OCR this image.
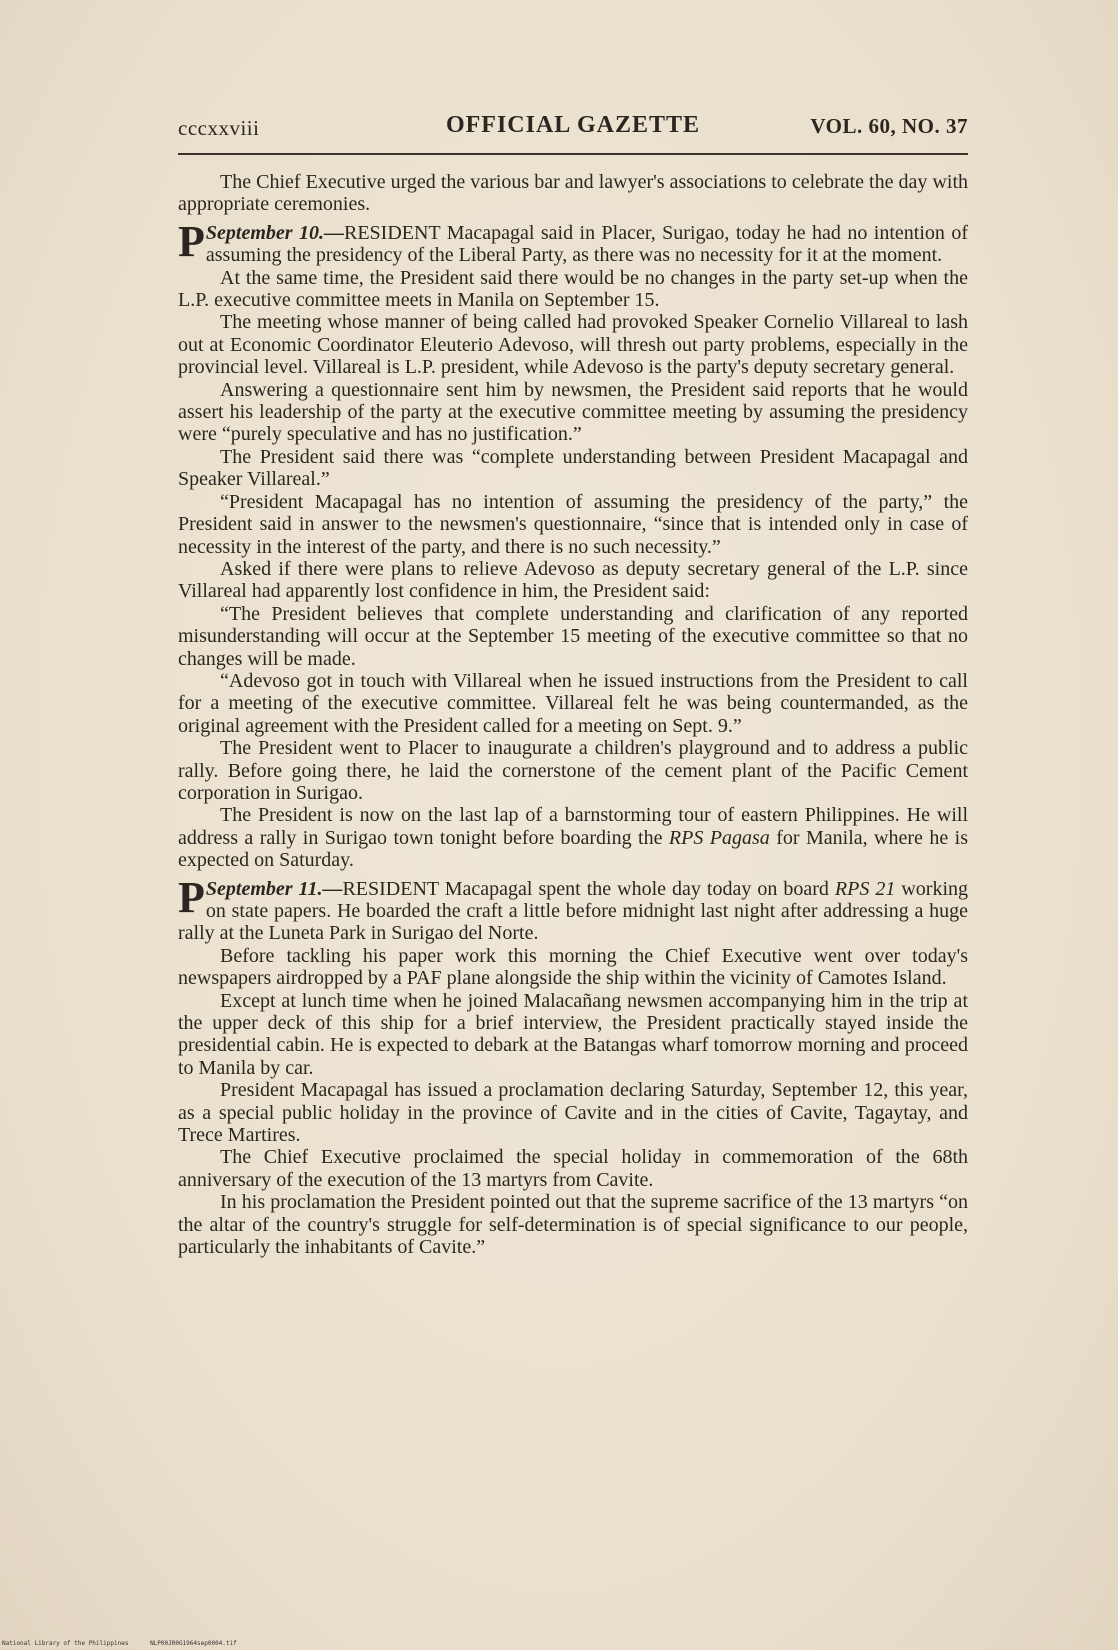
cccxxviii	OFFICIAL GAZETTE	VOL. 60, NO. 37

The Chief Executive urged the various bar and lawyer's associations to celebrate the day with appropriate ceremonies.

September 10.—
P	RESIDENT Macapagal said in Placer, Surigao, today he had no intention of assuming the presidency of the Liberal Party, as there was no necessity for it at the moment.

At the same time, the President said there would be no changes in the party set-up when the L.P. executive committee meets in Manila on September 15.

The meeting whose manner of being called had provoked Speaker Cornelio Villareal to lash out at Economic Coordinator Eleuterio Adevoso, will thresh out party problems, especially in the provincial level. Villareal is L.P. president, while Adevoso is the party's deputy secretary general.

Answering a questionnaire sent him by newsmen, the President said reports that he would assert his leadership of the party at the executive committee meeting by assuming the presidency were “purely speculative and has no justification.”

The President said there was “complete understanding between President Macapagal and Speaker Villareal.”

“President Macapagal has no intention of assuming the presidency of the party,” the President said in answer to the newsmen's questionnaire, “since that is intended only in case of necessity in the interest of the party, and there is no such necessity.”

Asked if there were plans to relieve Adevoso as deputy secretary general of the L.P. since Villareal had apparently lost confidence in him, the President said:

“The President believes that complete understanding and clarification of any reported misunderstanding will occur at the September 15 meeting of the executive committee so that no changes will be made.

“Adevoso got in touch with Villareal when he issued instructions from the President to call for a meeting of the executive committee. Villareal felt he was being countermanded, as the original agreement with the President called for a meeting on Sept. 9.”

The President went to Placer to inaugurate a children's playground and to address a public rally. Before going there, he laid the cornerstone of the cement plant of the Pacific Cement corporation in Surigao.

The President is now on the last lap of a barnstorming tour of eastern Philippines. He will address a rally in Surigao town tonight before boarding the RPS Pagasa for Manila, where he is expected on Saturday.

September 11.—
P	RESIDENT Macapagal spent the whole day today on board RPS 21 working on state papers. He boarded the craft a little before midnight last night after addressing a huge rally at the Luneta Park in Surigao del Norte.

Before tackling his paper work this morning the Chief Executive went over today's newspapers airdropped by a PAF plane alongside the ship within the vicinity of Camotes Island.

Except at lunch time when he joined Malacañang newsmen accompanying him in the trip at the upper deck of this ship for a brief interview, the President practically stayed inside the presidential cabin. He is expected to debark at the Batangas wharf tomorrow morning and proceed to Manila by car.

President Macapagal has issued a proclamation declaring Saturday, September 12, this year, as a special public holiday in the province of Cavite and in the cities of Cavite, Tagaytay, and Trece Martires.

The Chief Executive proclaimed the special holiday in commemoration of the 68th anniversary of the execution of the 13 martyrs from Cavite.

In his proclamation the President pointed out that the supreme sacrifice of the 13 martyrs “on the altar of the country's struggle for self-determination is of special significance to our people, particularly the inhabitants of Cavite.”

National Library of the Philippines	NLP00JR0G1964sep0004.tif
